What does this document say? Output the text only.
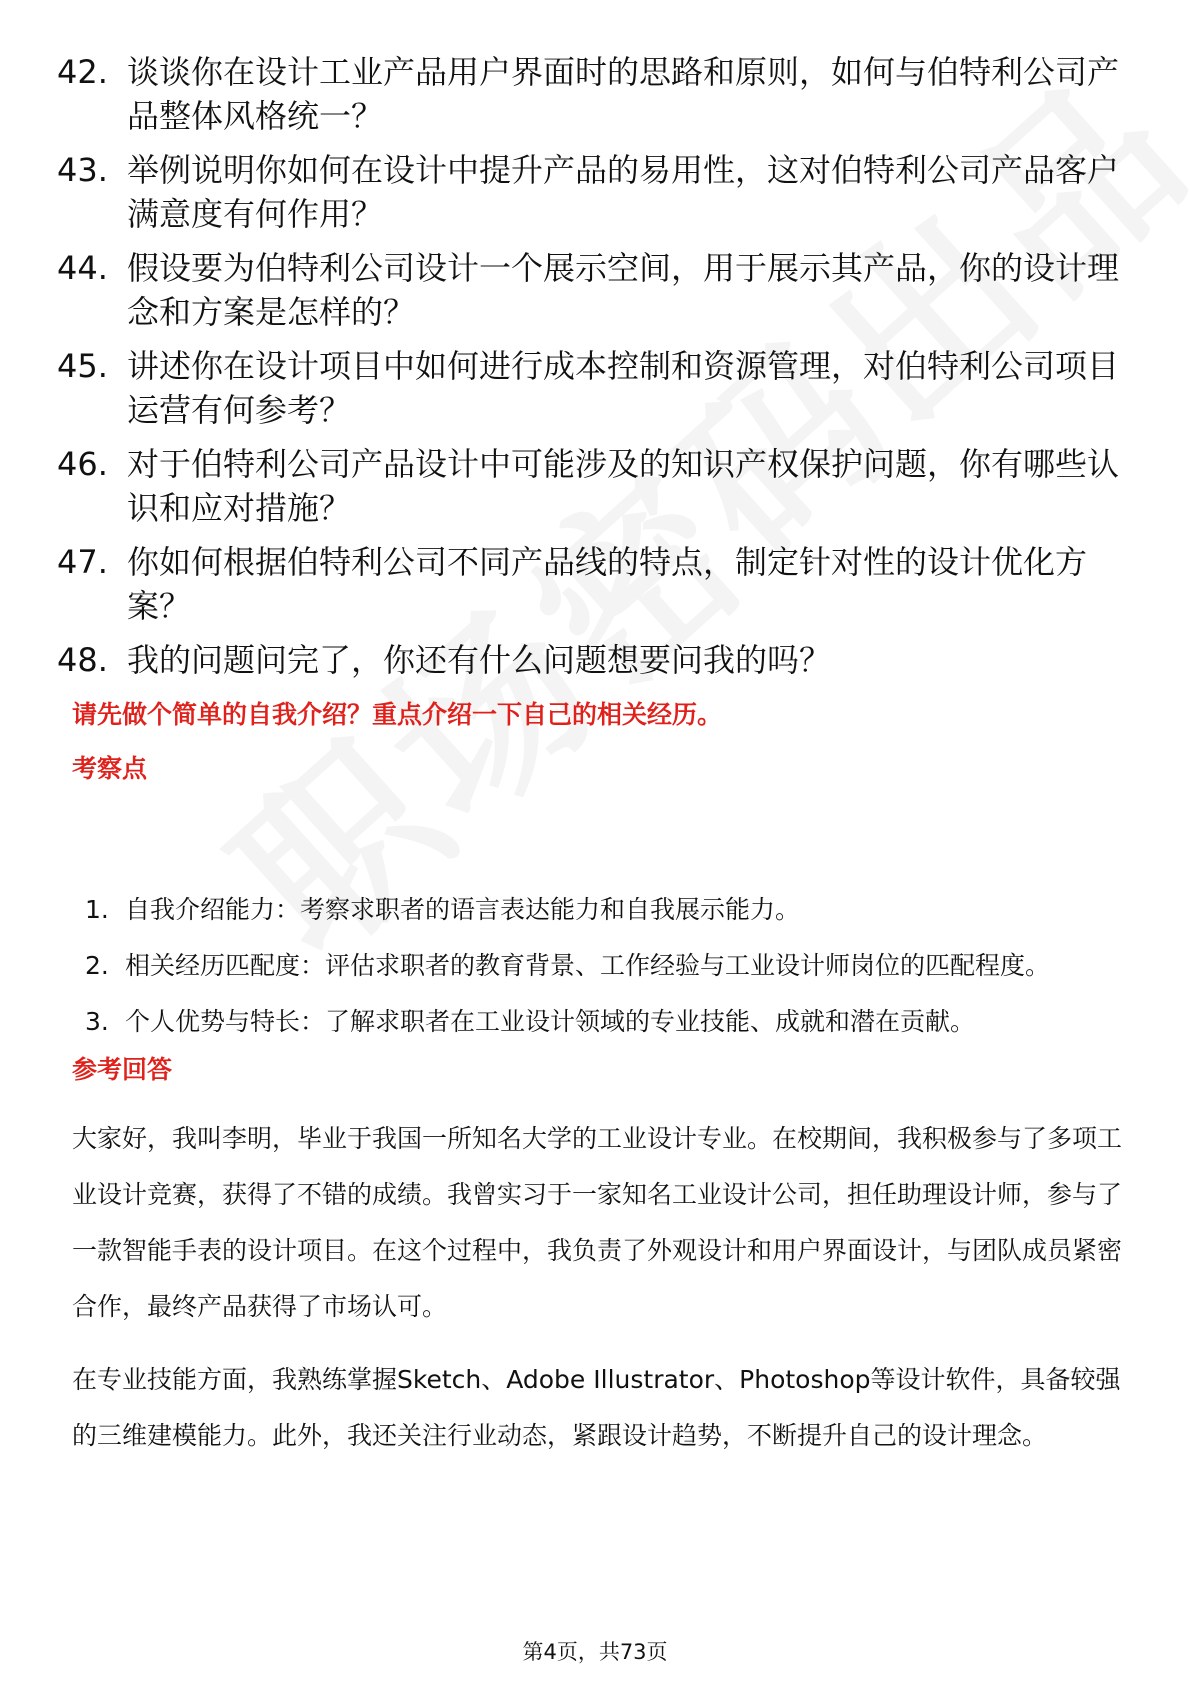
42. 谈谈你在设计工业产品用户界面时的思路和原则，如何与伯特利公司产品整体风格统一？
43. 举例说明你如何在设计中提升产品的易用性，这对伯特利公司产品客户满意度有何作用？
44. 假设要为伯特利公司设计一个展示空间，用于展示其产品，你的设计理念和方案是怎样的？
45. 讲述你在设计项目中如何进行成本控制和资源管理，对伯特利公司项目运营有何参考？
46. 对于伯特利公司产品设计中可能涉及的知识产权保护问题，你有哪些认识和应对措施？
47. 你如何根据伯特利公司不同产品线的特点，制定针对性的设计优化方案？
48. 我的问题问完了，你还有什么问题想要问我的吗？
请先做个简单的自我介绍？重点介绍一下自己的相关经历。
考察点
1. 自我介绍能力：考察求职者的语言表达能力和自我展示能力。
2. 相关经历匹配度：评估求职者的教育背景、工作经验与工业设计师岗位的匹配程度。
3. 个人优势与特长：了解求职者在工业设计领域的专业技能、成就和潜在贡献。
参考回答

大家好，我叫李明，毕业于我国一所知名大学的工业设计专业。在校期间，我积极参与了多项工业设计竞赛，获得了不错的成绩。我曾实习于一家知名工业设计公司，担任助理设计师，参与了一款智能手表的设计项目。在这个过程中，我负责了外观设计和用户界面设计，与团队成员紧密合作，最终产品获得了市场认可。

在专业技能方面，我熟练掌握Sketch、Adobe Illustrator、Photoshop等设计软件，具备较强的三维建模能力。此外，我还关注行业动态，紧跟设计趋势，不断提升自己的设计理念。

第4页，共73页
